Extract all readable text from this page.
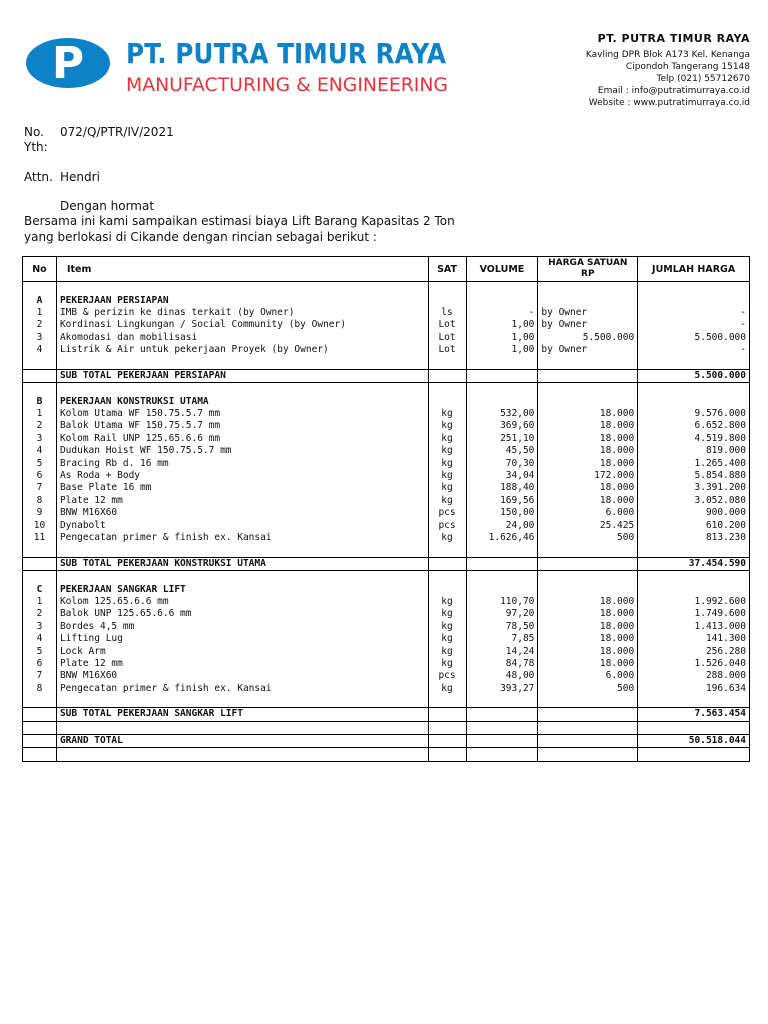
P PT. PUTRA TIMUR RAYA
MANUFACTURING & ENGINEERING
PT. PUTRA TIMUR RAYA
Kavling DPR Blok A173 Kel. Kenanga
Cipondoh Tangerang 15148
Telp (021) 55712670
Email : info@putratimurraya.co.id
Website : www.putratimurraya.co.id
No. 072/Q/PTR/IV/2021
Yth:
Attn. Hendri
Dengan hormat
Bersama ini kami sampaikan estimasi biaya Lift Barang Kapasitas 2 Ton
yang berlokasi di Cikande dengan rincian sebagai berikut :
No	Item	SAT	VOLUME	HARGA SATUAN RP	JUMLAH HARGA

A	PEKERJAAN PERSIAPAN				
1	IMB & perizin ke dinas terkait (by Owner)	ls	-	by Owner	-
2	Kordinasi Lingkungan / Social Community (by Owner)	Lot	1,00	by Owner	-
3	Akomodasi dan mobilisasi	Lot	1,00	5.500.000	5.500.000
4	Listrik & Air untuk pekerjaan Proyek (by Owner)	Lot	1,00	by Owner	-

	SUB TOTAL PEKERJAAN PERSIAPAN				5.500.000

B	PEKERJAAN KONSTRUKSI UTAMA				
1	Kolom Utama WF 150.75.5.7 mm	kg	532,00	18.000	9.576.000
2	Balok Utama WF 150.75.5.7 mm	kg	369,60	18.000	6.652.800
3	Kolom Rail UNP 125.65.6.6 mm	kg	251,10	18.000	4.519.800
4	Dudukan Hoist WF 150.75.5.7 mm	kg	45,50	18.000	819.000
5	Bracing Rb d. 16 mm	kg	70,30	18.000	1.265.400
6	As Roda + Body	kg	34,04	172.000	5.854.880
7	Base Plate 16 mm	kg	188,40	18.000	3.391.200
8	Plate 12 mm	kg	169,56	18.000	3.052.080
9	BNW M16X60	pcs	150,00	6.000	900.000
10	Dynabolt	pcs	24,00	25.425	610.200
11	Pengecatan primer & finish ex. Kansai	kg	1.626,46	500	813.230

	SUB TOTAL PEKERJAAN KONSTRUKSI UTAMA				37.454.590

C	PEKERJAAN SANGKAR LIFT				
1	Kolom 125.65.6.6 mm	kg	110,70	18.000	1.992.600
2	Balok UNP 125.65.6.6 mm	kg	97,20	18.000	1.749.600
3	Bordes 4,5 mm	kg	78,50	18.000	1.413.000
4	Lifting Lug	kg	7,85	18.000	141.300
5	Lock Arm	kg	14,24	18.000	256.280
6	Plate 12 mm	kg	84,78	18.000	1.526.040
7	BNW M16X60	pcs	48,00	6.000	288.000
8	Pengecatan primer & finish ex. Kansai	kg	393,27	500	196.634

	SUB TOTAL PEKERJAAN SANGKAR LIFT				7.563.454

	GRAND TOTAL				50.518.044
